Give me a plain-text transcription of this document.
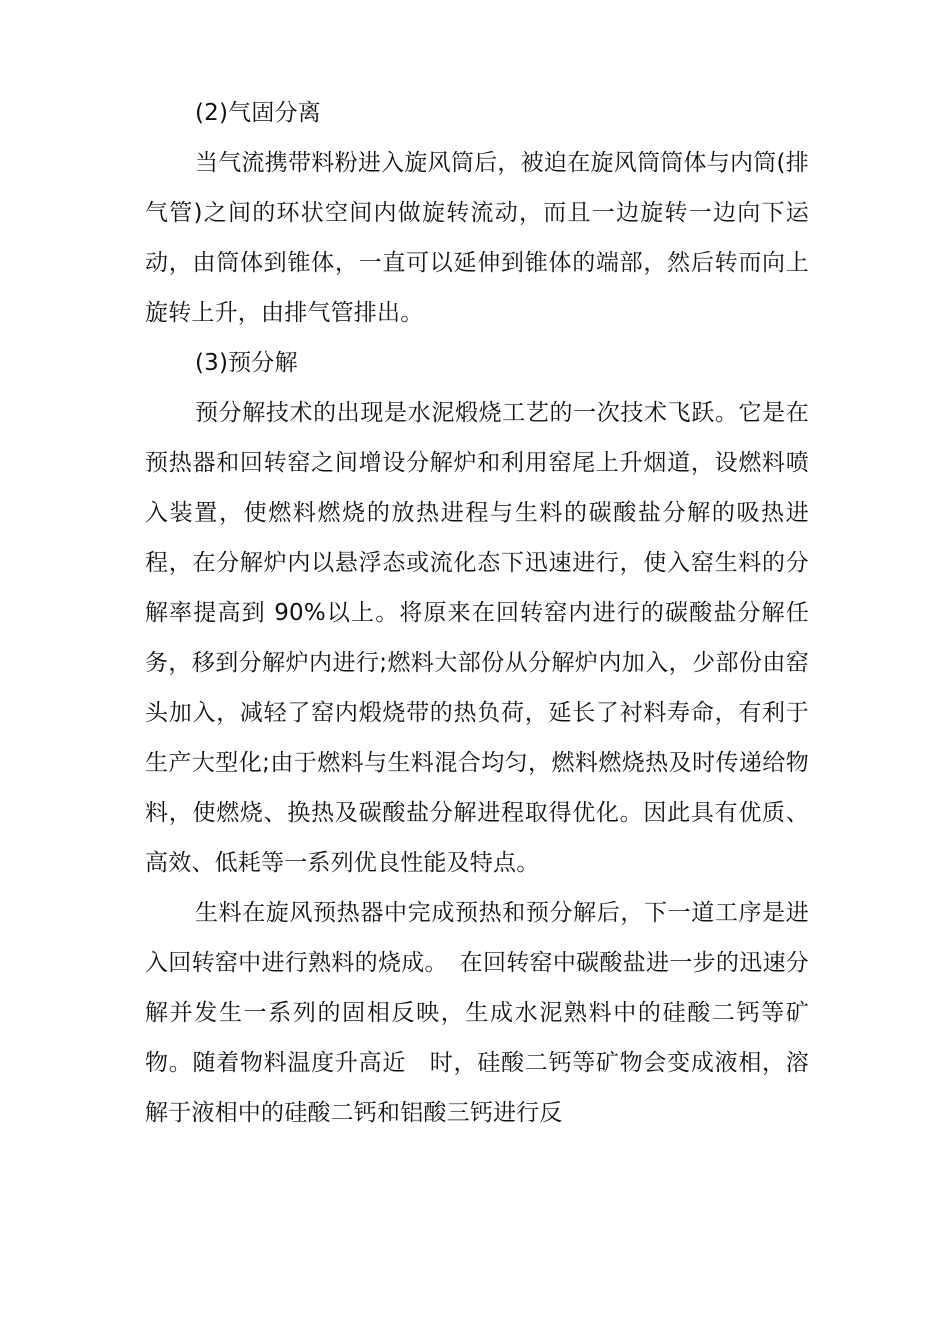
(2)气固分离

当气流携带料粉进入旋风筒后，被迫在旋风筒筒体与内筒(排气管)之间的环状空间内做旋转流动，而且一边旋转一边向下运动，由筒体到锥体，一直可以延伸到锥体的端部，然后转而向上旋转上升，由排气管排出。

(3)预分解

预分解技术的出现是水泥煅烧工艺的一次技术飞跃。它是在预热器和回转窑之间增设分解炉和利用窑尾上升烟道，设燃料喷入装置，使燃料燃烧的放热进程与生料的碳酸盐分解的吸热进程，在分解炉内以悬浮态或流化态下迅速进行，使入窑生料的分解率提高到 90%以上。将原来在回转窑内进行的碳酸盐分解任务，移到分解炉内进行;燃料大部份从分解炉内加入，少部份由窑头加入，减轻了窑内煅烧带的热负荷，延长了衬料寿命，有利于生产大型化;由于燃料与生料混合均匀，燃料燃烧热及时传递给物料，使燃烧、换热及碳酸盐分解进程取得优化。因此具有优质、高效、低耗等一系列优良性能及特点。

生料在旋风预热器中完成预热和预分解后，下一道工序是进入回转窑中进行熟料的烧成。　在回转窑中碳酸盐进一步的迅速分解并发生一系列的固相反映，生成水泥熟料中的硅酸二钙等矿物。随着物料温度升高近　时，硅酸二钙等矿物会变成液相，溶解于液相中的硅酸二钙和铝酸三钙进行反
